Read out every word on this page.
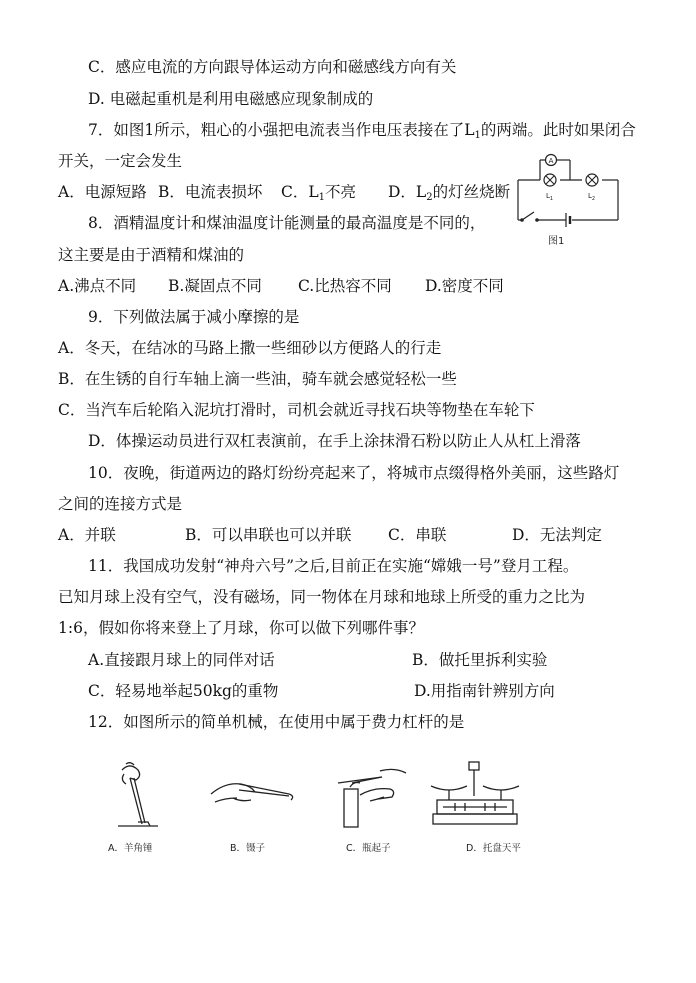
C．感应电流的方向跟导体运动方向和磁感线方向有关
D. 电磁起重机是利用电磁感应现象制成的
7．如图1所示，粗心的小强把电流表当作电压表接在了$L_1$的两端。此时如果闭合
开关，一定会发生
A．电源短路 B．电流表损坏 C．$L_1$不亮 D．$L_2$的灯丝烧断
A
$L_1$	$L_2$
图1
8．酒精温度计和煤油温度计能测量的最高温度是不同的，
这主要是由于酒精和煤油的
A.沸点不同 B.凝固点不同 C.比热容不同 D.密度不同
9．下列做法属于减小摩擦的是
A．冬天，在结冰的马路上撒一些细砂以方便路人的行走
B．在生锈的自行车轴上滴一些油，骑车就会感觉轻松一些
C．当汽车后轮陷入泥坑打滑时，司机会就近寻找石块等物垫在车轮下
D．体操运动员进行双杠表演前，在手上涂抹滑石粉以防止人从杠上滑落
10．夜晚，街道两边的路灯纷纷亮起来了，将城市点缀得格外美丽，这些路灯
之间的连接方式是
A．并联	B．可以串联也可以并联 C．串联	D．无法判定
11．我国成功发射“神舟六号”之后,目前正在实施“嫦娥一号”登月工程。
已知月球上没有空气，没有磁场，同一物体在月球和地球上所受的重力之比为
1:6，假如你将来登上了月球，你可以做下列哪件事？
A.直接跟月球上的同伴对话	B．做托里拆利实验
C．轻易地举起50kg的重物	D.用指南针辨别方向
12．如图所示的简单机械，在使用中属于费力杠杆的是
A．羊角锤	B．镊子	C．瓶起子	D．托盘天平
